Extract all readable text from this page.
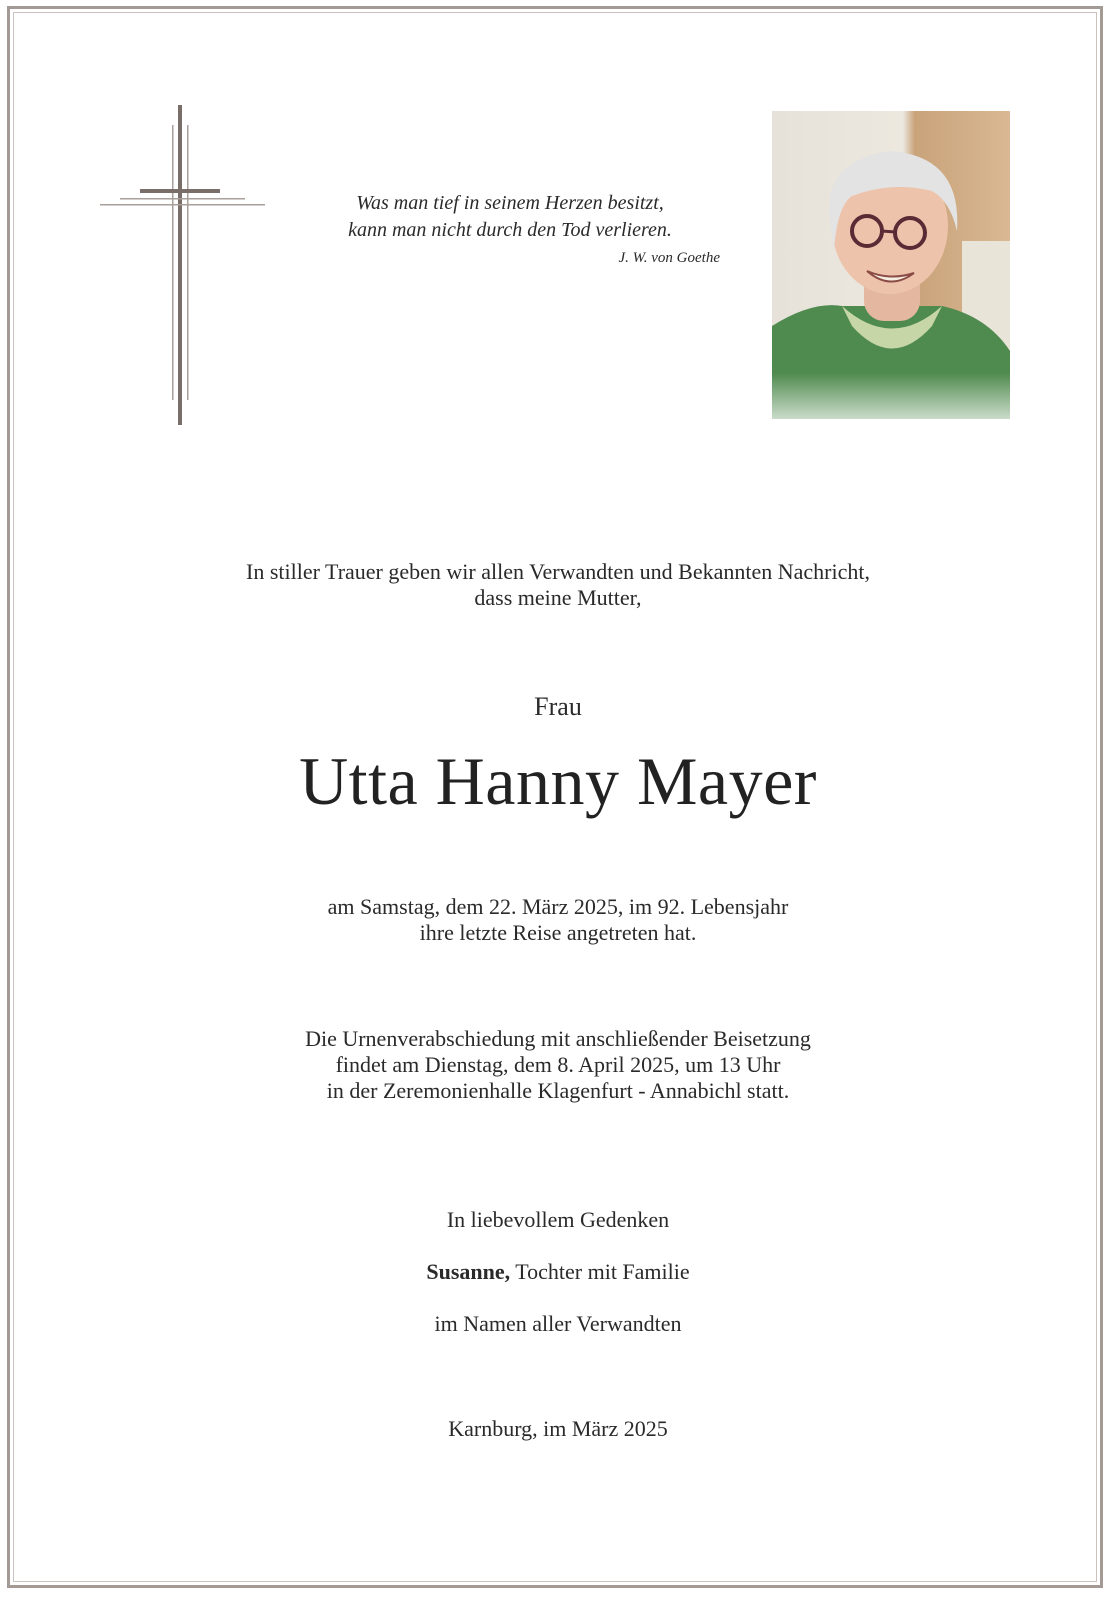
Was man tief in seinem Herzen besitzt,
kann man nicht durch den Tod verlieren.
J. W. von Goethe
In stiller Trauer geben wir allen Verwandten und Bekannten Nachricht,
dass meine Mutter,
Frau
Utta Hanny Mayer
am Samstag, dem 22. März 2025, im 92. Lebensjahr
ihre letzte Reise angetreten hat.
Die Urnenverabschiedung mit anschließender Beisetzung
findet am Dienstag, dem 8. April 2025, um 13 Uhr
in der Zeremonienhalle Klagenfurt - Annabichl statt.
In liebevollem Gedenken
Susanne, Tochter mit Familie
im Namen aller Verwandten
Karnburg, im März 2025
